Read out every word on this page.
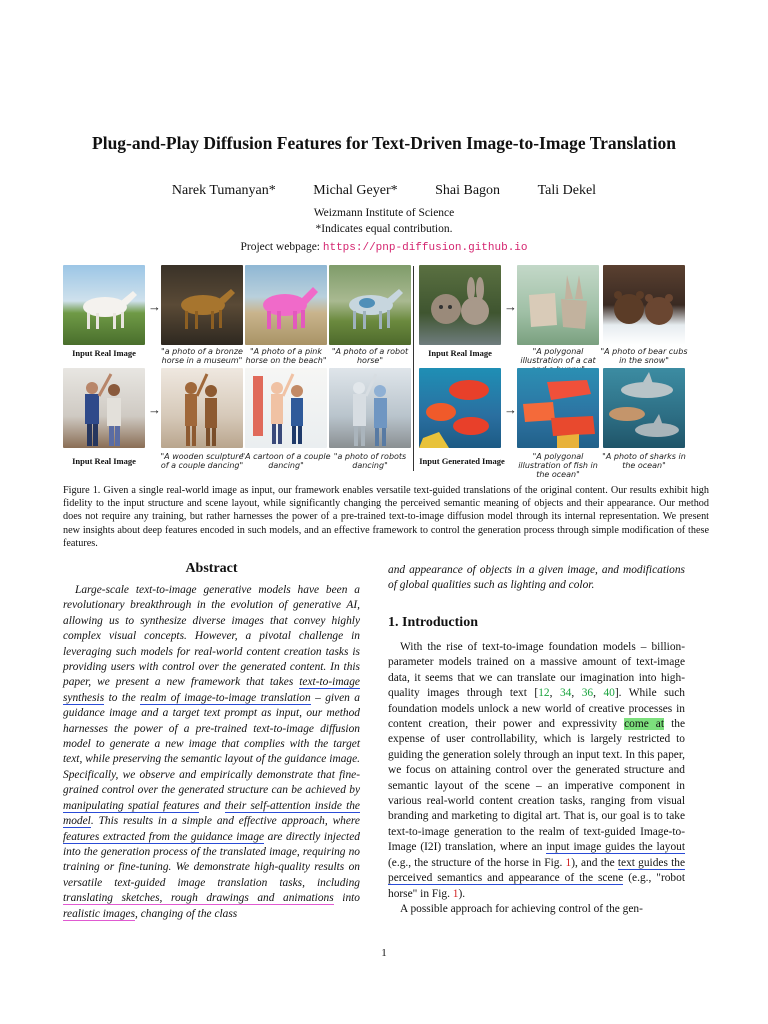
Plug-and-Play Diffusion Features for Text-Driven Image-to-Image Translation
Narek Tumanyan*	Michal Geyer*	Shai Bagon	Tali Dekel
Weizmann Institute of Science
*Indicates equal contribution.
Project webpage: https://pnp-diffusion.github.io
→
Input Real Image	"a photo of a bronze horse in a museum"
"A photo of a pink horse on the beach"
"A photo of a robot horse"
→
Input Real Image	"A polygonal illustration of a cat
"A photo of bear cubs in the snow"
→
Input Real Image	"A wooden sculpture of a couple dancing"
"A cartoon of a couple dancing"
"a photo of robots dancing"
→
Input Generated Image	"A polygonal illustration of fish in the ocean"
"A photo of sharks in the ocean"
Figure 1. Given a single real-world image as input, our framework enables versatile text-guided translations of the original content. Our results exhibit high fidelity to the input structure and scene layout, while significantly changing the perceived semantic meaning of objects and their appearance. Our method does not require any training, but rather harnesses the power of a pre-trained text-to-image diffusion model through its internal representation. We present new insights about deep features encoded in such models, and an effective framework to control the generation process through simple modification of these features.
Abstract
Large-scale text-to-image generative models have been a revolutionary breakthrough in the evolution of generative AI, allowing us to synthesize diverse images that convey highly complex visual concepts. However, a pivotal challenge in leveraging such models for real-world content creation tasks is providing users with control over the generated content. In this paper, we present a new framework that takes text-to-image synthesis to the realm of image-to-image translation – given a guidance image and a target text prompt as input, our method harnesses the power of a pre-trained text-to-image diffusion model to generate a new image that complies with the target text, while preserving the semantic layout of the guidance image. Specifically, we observe and empirically demonstrate that fine-grained control over the generated structure can be achieved by manipulating spatial features and their self-attention inside the model. This results in a simple and effective approach, where features extracted from the guidance image are directly injected into the generation process of the translated image, requiring no training or fine-tuning. We demonstrate high-quality results on versatile text-guided image translation tasks, including translating sketches, rough drawings and animations into realistic images, changing of the class
and appearance of objects in a given image, and modifications of global qualities such as lighting and color.
1. Introduction

With the rise of text-to-image foundation models – billion-parameter models trained on a massive amount of text-image data, it seems that we can translate our imagination into high-quality images through text [12, 34, 36, 40]. While such foundation models unlock a new world of creative processes in content creation, their power and expressivity come at the expense of user controllability, which is largely restricted to guiding the generation solely through an input text. In this paper, we focus on attaining control over the generated structure and semantic layout of the scene – an imperative component in various real-world content creation tasks, ranging from visual branding and marketing to digital art. That is, our goal is to take text-to-image generation to the realm of text-guided Image-to-Image (I2I) translation, where an input image guides the layout (e.g., the structure of the horse in Fig. 1), and the text guides the perceived semantics and appearance of the scene (e.g., "robot horse" in Fig. 1).

A possible approach for achieving control of the gen-

1
